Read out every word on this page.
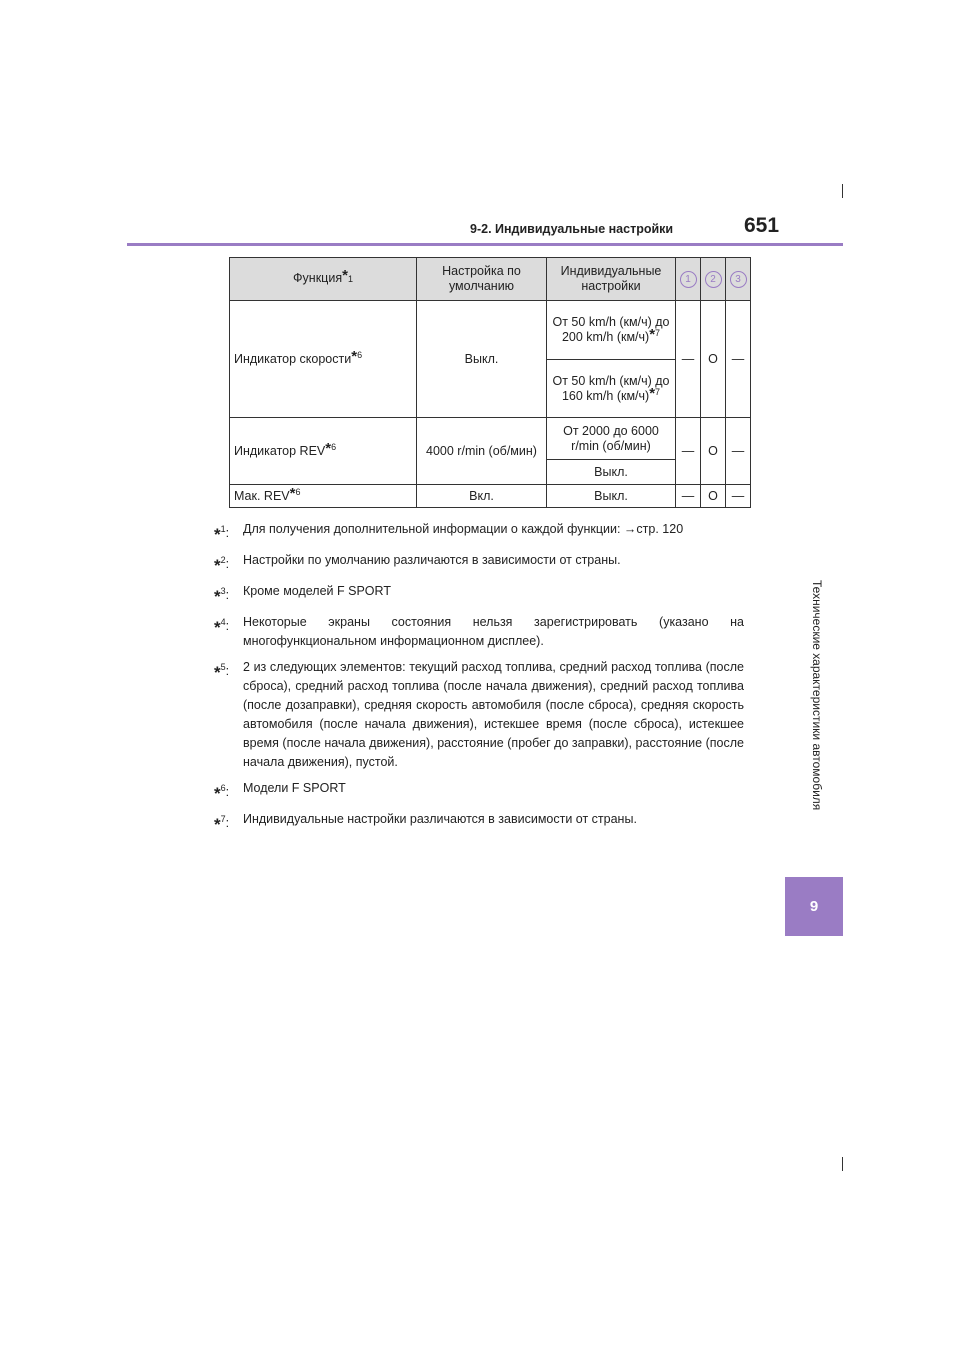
9-2. Индивидуальные настройки	651
Технические характеристики автомобиля
9
Функция*1	Настройка по умолчанию	Индивидуальные настройки	1	2	3
Индикатор скорости$^{*6}$	Выкл.	От 50 km/h (км/ч) до 200 km/h $(км/ч)^{*7}$	—	O	—
		От 50 km/h (км/ч) до 160 km/h $(км/ч)^{*7}$
Индикатор REV$^{*6}$	4000 r/min (об/мин)	От 2000 до 6000 r/min (об/мин)	—	O	—
		Выкл.			
Мак. REV$^{*6}$	Вкл.	Выкл.	—	O	—
*$^1$:	Для получения дополнительной информации о каждой функции: →стр. 120
*$^2$:	Настройки по умолчанию различаются в зависимости от страны.
*$^3$:	Кроме моделей F SPORT
*$^4$:	Некоторые экраны состояния нельзя зарегистрировать (указано на многофункциональном информационном дисплее).
*$^5$:	2 из следующих элементов: текущий расход топлива, средний расход топлива (после сброса), средний расход топлива (после начала движения), средний расход топлива (после дозаправки), средняя скорость автомобиля (после сброса), средняя скорость автомобиля (после начала движения), истекшее время (после сброса), истекшее время (после начала движения), расстояние (пробег до заправки), расстояние (после начала движения), пустой.
*$^6$:	Модели F SPORT
*$^7$:	Индивидуальные настройки различаются в зависимости от страны.
